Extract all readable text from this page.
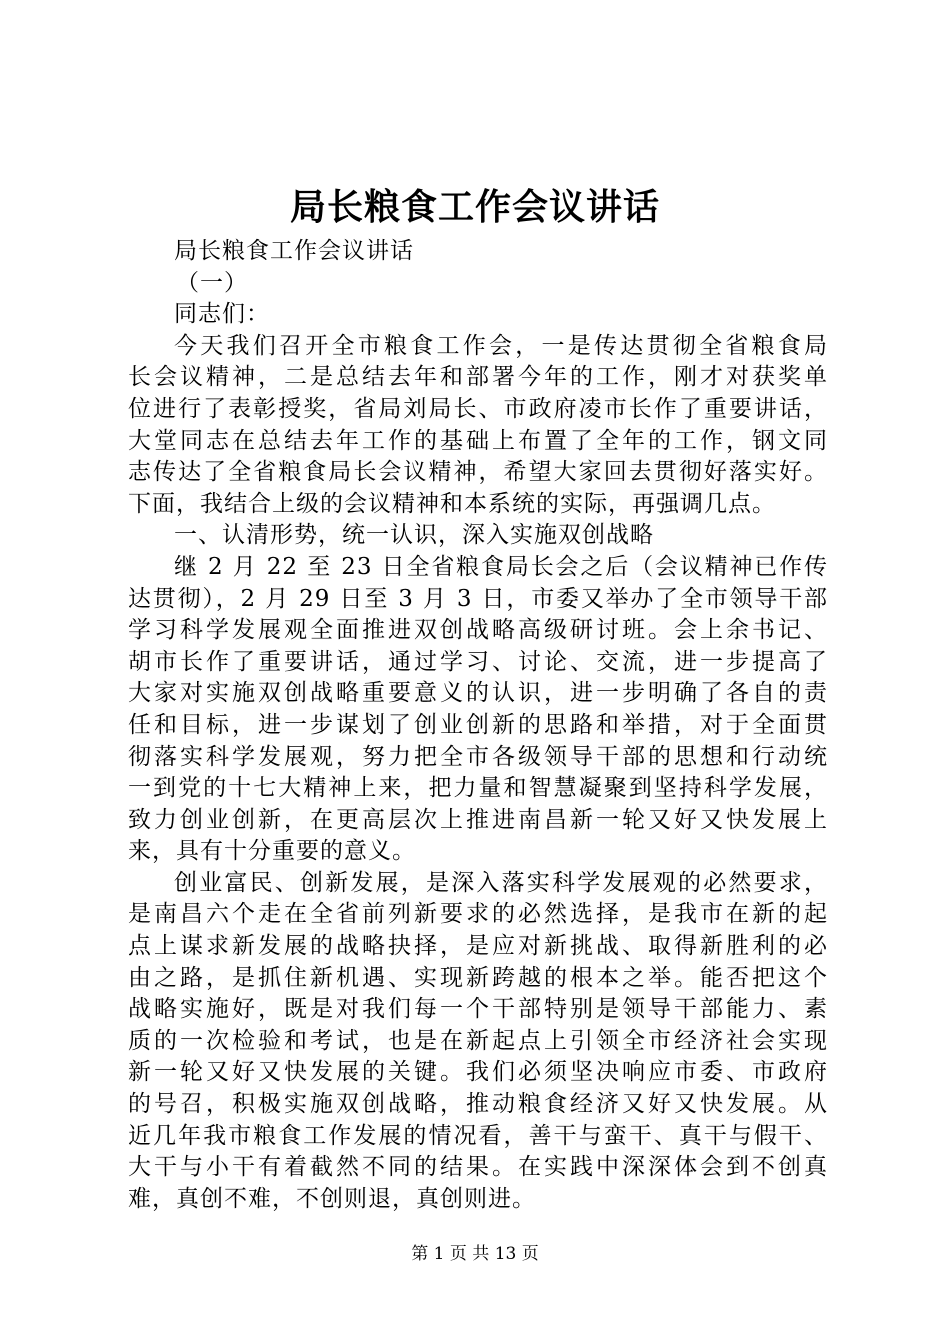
局长粮食工作会议讲话
局长粮食工作会议讲话
（一）
同志们：
今天我们召开全市粮食工作会，一是传达贯彻全省粮食局
长会议精神，二是总结去年和部署今年的工作，刚才对获奖单
位进行了表彰授奖，省局刘局长、市政府凌市长作了重要讲话，
大堂同志在总结去年工作的基础上布置了全年的工作，钢文同
志传达了全省粮食局长会议精神，希望大家回去贯彻好落实好。
下面，我结合上级的会议精神和本系统的实际，再强调几点。
一、认清形势，统一认识，深入实施双创战略
继 2 月 22 至 23 日全省粮食局长会之后（会议精神已作传
达贯彻），2 月 29 日至 3 月 3 日，市委又举办了全市领导干部
学习科学发展观全面推进双创战略高级研讨班。会上余书记、
胡市长作了重要讲话，通过学习、讨论、交流，进一步提高了
大家对实施双创战略重要意义的认识，进一步明确了各自的责
任和目标，进一步谋划了创业创新的思路和举措，对于全面贯
彻落实科学发展观，努力把全市各级领导干部的思想和行动统
一到党的十七大精神上来，把力量和智慧凝聚到坚持科学发展，
致力创业创新，在更高层次上推进南昌新一轮又好又快发展上
来，具有十分重要的意义。
创业富民、创新发展，是深入落实科学发展观的必然要求，
是南昌六个走在全省前列新要求的必然选择，是我市在新的起
点上谋求新发展的战略抉择，是应对新挑战、取得新胜利的必
由之路，是抓住新机遇、实现新跨越的根本之举。能否把这个
战略实施好，既是对我们每一个干部特别是领导干部能力、素
质的一次检验和考试，也是在新起点上引领全市经济社会实现
新一轮又好又快发展的关键。我们必须坚决响应市委、市政府
的号召，积极实施双创战略，推动粮食经济又好又快发展。从
近几年我市粮食工作发展的情况看，善干与蛮干、真干与假干、
大干与小干有着截然不同的结果。在实践中深深体会到不创真
难，真创不难，不创则退，真创则进。
第 1 页 共 13 页
